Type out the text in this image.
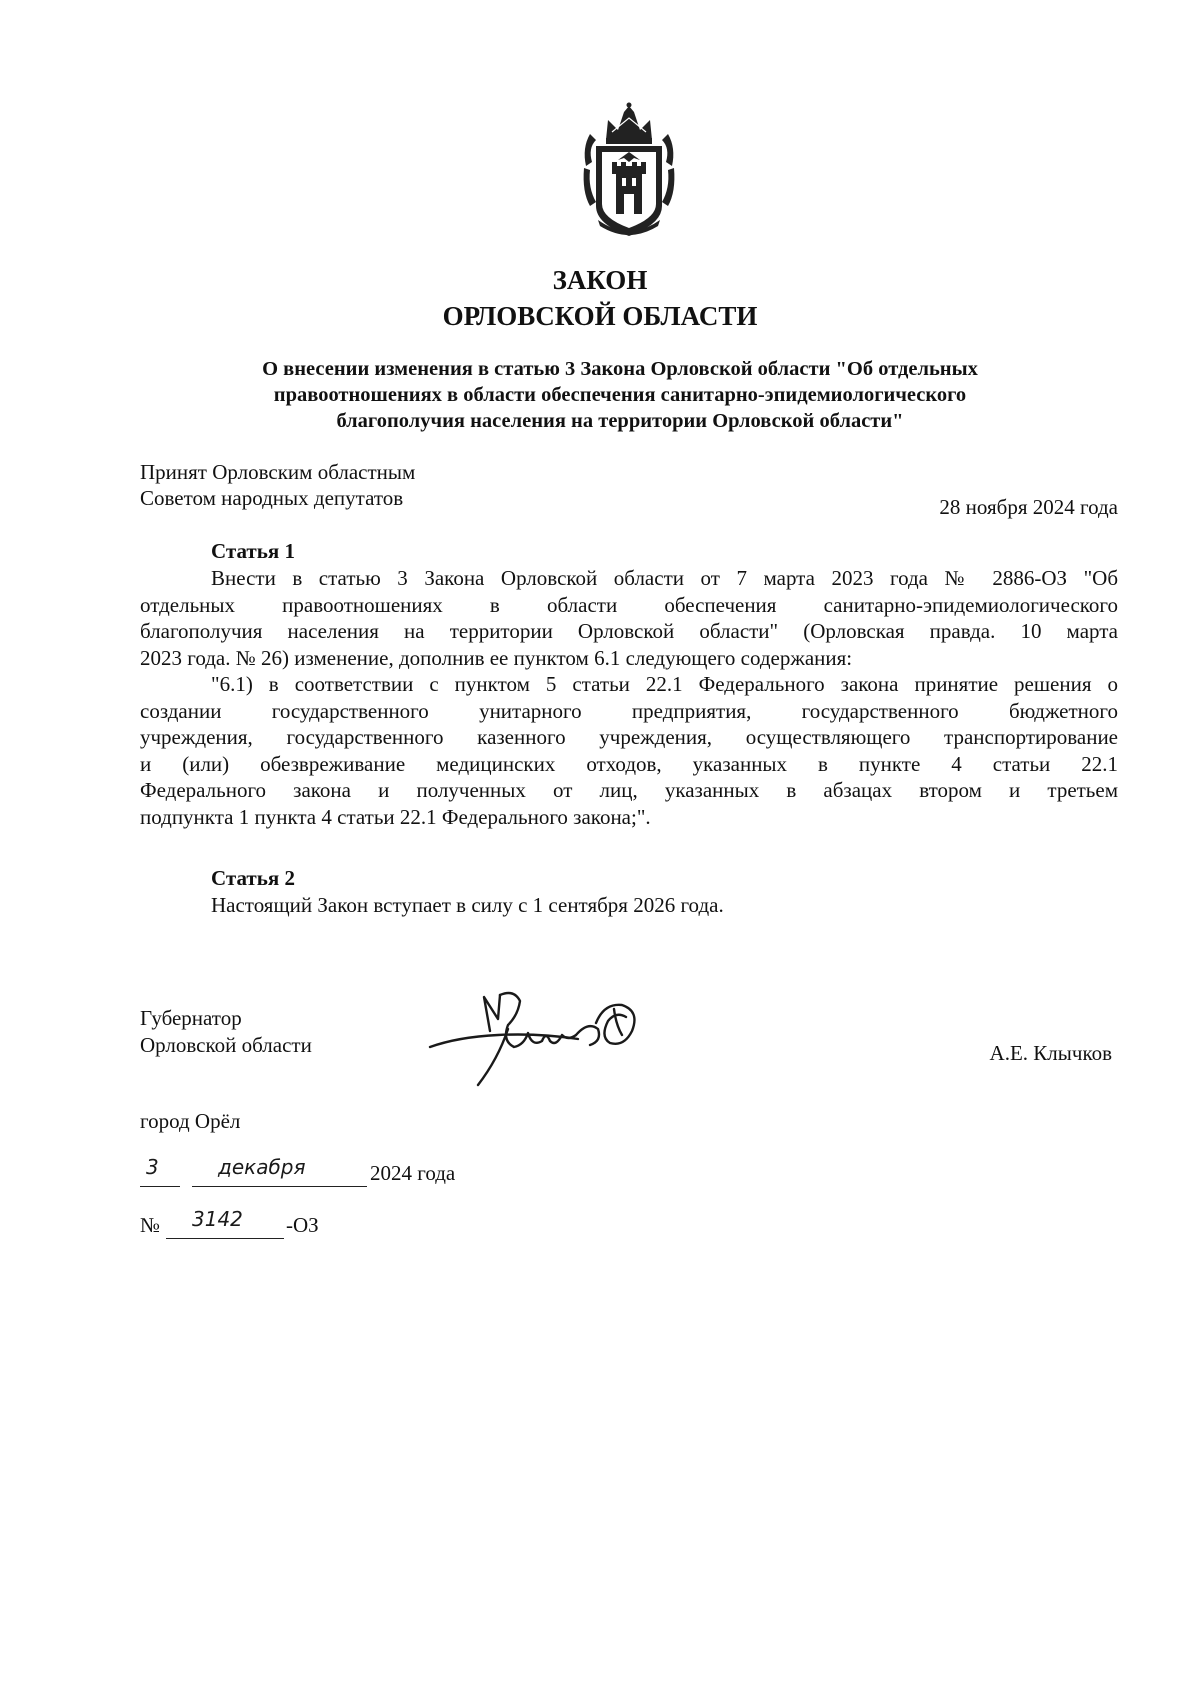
ЗАКОН
ОРЛОВСКОЙ ОБЛАСТИ
О внесении изменения в статью 3 Закона Орловской области "Об отдельных
правоотношениях в области обеспечения санитарно-эпидемиологического
благополучия населения на территории Орловской области"
Принят Орловским областным
Советом народных депутатов	28 ноября 2024 года
Статья 1
Внести в статью 3 Закона Орловской области от 7 марта 2023 года № 2886-ОЗ "Об
отдельных правоотношениях в области обеспечения санитарно-эпидемиологического
благополучия населения на территории Орловской области" (Орловская правда. 10 марта
2023 года. № 26) изменение, дополнив ее пунктом 6.1 следующего содержания:
"6.1) в соответствии с пунктом 5 статьи 22.1 Федерального закона принятие решения о
создании государственного унитарного предприятия, государственного бюджетного
учреждения, государственного казенного учреждения, осуществляющего транспортирование
и (или) обезвреживание медицинских отходов, указанных в пункте 4 статьи 22.1
Федерального закона и полученных от лиц, указанных в абзацах втором и третьем
подпункта 1 пункта 4 статьи 22.1 Федерального закона;".
Статья 2
Настоящий Закон вступает в силу с 1 сентября 2026 года.
Губернатор
Орловской области	А.Е. Клычков
город Орёл
3	декабря	2024 года
№ 3142 -ОЗ
